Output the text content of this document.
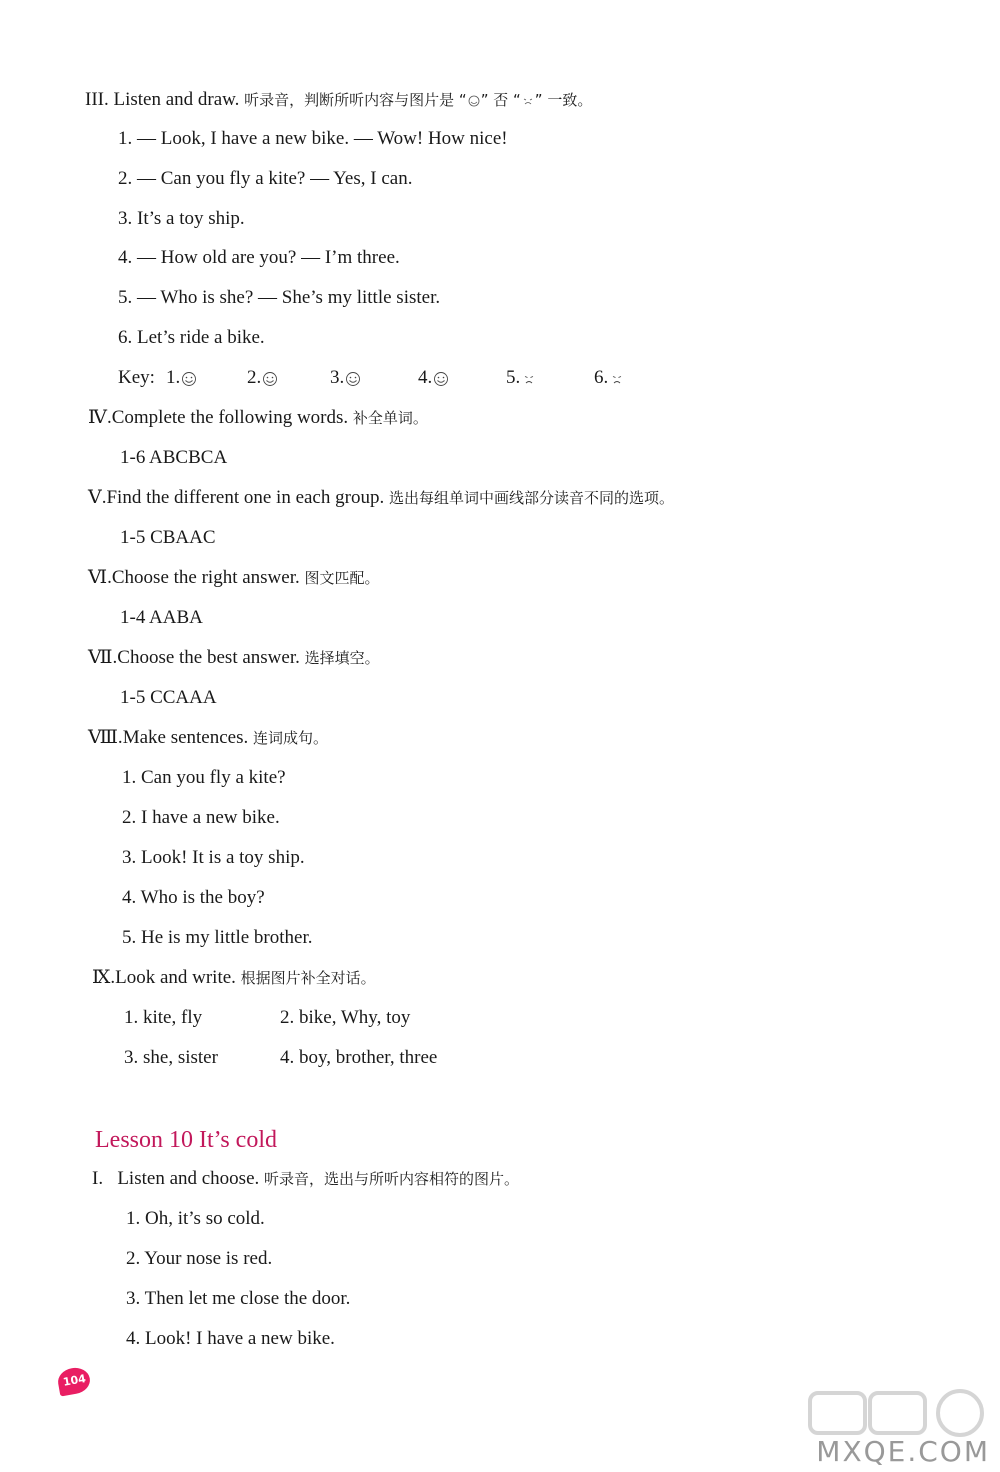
III. Listen and draw. 听录音，判断所听内容与图片是 “ ” 否 “ ” 一致。
1. — Look, I have a new bike. — Wow! How nice!
2. — Can you fly a kite? — Yes, I can.
3. It’s a toy ship.
4. — How old are you? — I’m three.
5. — Who is she? — She’s my little sister.
6. Let’s ride a bike.
Key: 1.	2.	3.	4.	5.	6.
Ⅳ.Complete the following words. 补全单词。
1-6 ABCBCA
Ⅴ.Find the different one in each group. 选出每组单词中画线部分读音不同的选项。
1-5 CBAAC
Ⅵ.Choose the right answer. 图文匹配。
1-4 AABA
Ⅶ.Choose the best answer. 选择填空。
1-5 CCAAA
Ⅷ.Make sentences. 连词成句。
1. Can you fly a kite?
2. I have a new bike.
3. Look! It is a toy ship.
4. Who is the boy?
5. He is my little brother.
Ⅸ.Look and write. 根据图片补全对话。
1. kite, fly	2. bike, Why, toy
3. she, sister	4. boy, brother, three
Lesson 10 It’s cold
I. Listen and choose. 听录音，选出与所听内容相符的图片。
1. Oh, it’s so cold.
2. Your nose is red.
3. Then let me close the door.
4. Look! I have a new bike.
104
MXQE.COM
